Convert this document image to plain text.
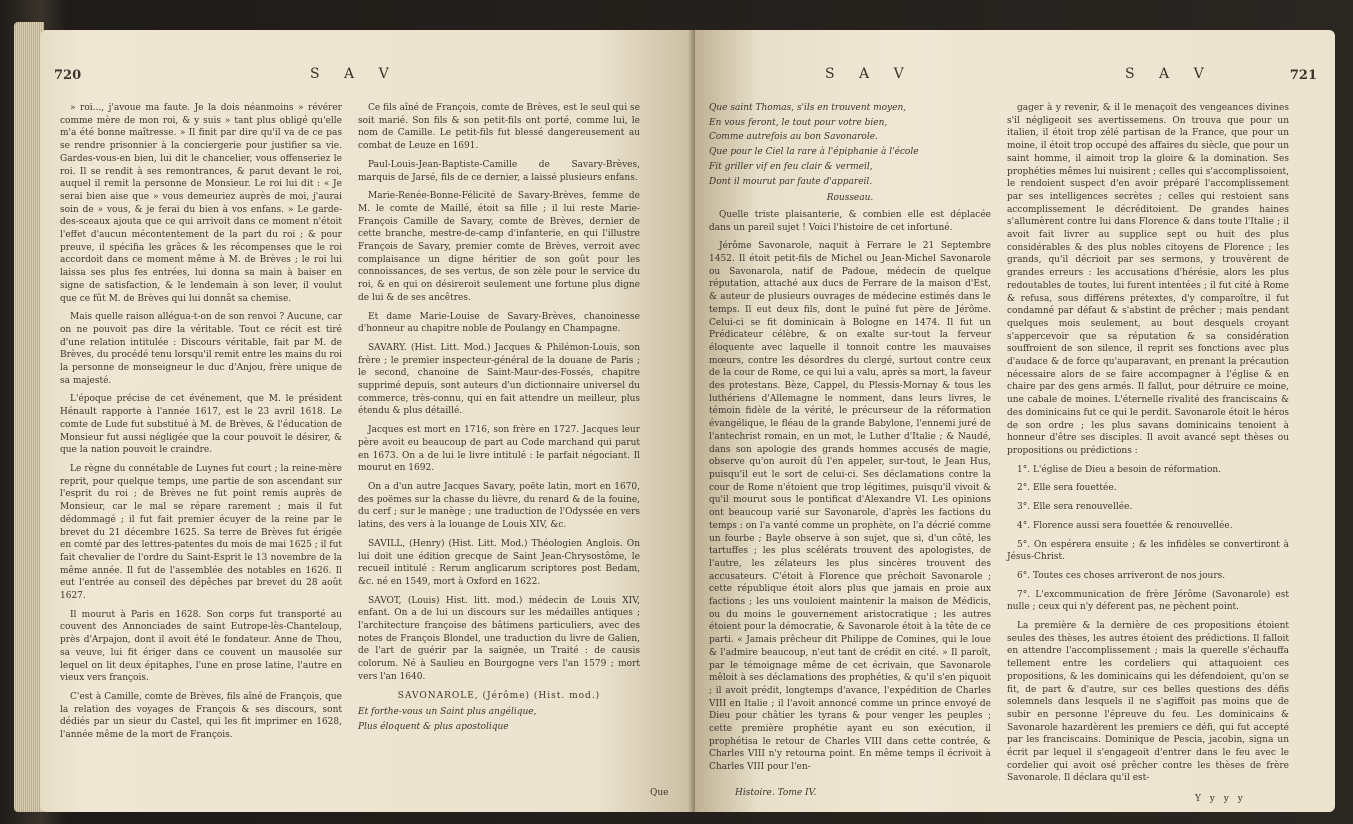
720	S A V

» roi..., j'avoue ma faute. Je la dois néanmoins » révérer comme mère de mon roi, & y suis » tant plus obligé qu'elle m'a été bonne maîtresse. » Il finit par dire qu'il va de ce pas se rendre prisonnier à la conciergerie pour justifier sa vie. Gardes-vous-en bien, lui dit le chancelier, vous offenseriez le roi. Il se rendit à ses remontrances, & parut devant le roi, auquel il remit la personne de Monsieur. Le roi lui dit : « Je serai bien aise que » vous demeuriez auprès de moi, j'aurai soin de » vous, & je ferai du bien à vos enfans. » Le garde-des-sceaux ajouta que ce qui arrivoit dans ce moment n'étoit l'effet d'aucun mécontentement de la part du roi ; & pour preuve, il spécifia les grâces & les récompenses que le roi accordoit dans ce moment même à M. de Brèves ; le roi lui laissa ses plus fes entrées, lui donna sa main à baiser en signe de satisfaction, & le lendemain à son lever, il voulut que ce fût M. de Brèves qui lui donnât sa chemise.

Mais quelle raison allégua-t-on de son renvoi ? Aucune, car on ne pouvoit pas dire la véritable. Tout ce récit est tiré d'une relation intitulée : Discours véritable, fait par M. de Brèves, du procédé tenu lorsqu'il remit entre les mains du roi la personne de monseigneur le duc d'Anjou, frère unique de sa majesté.

L'époque précise de cet événement, que M. le président Hénault rapporte à l'année 1617, est le 23 avril 1618. Le comte de Lude fut substitué à M. de Brèves, & l'éducation de Monsieur fut aussi négligée que la cour pouvoit le désirer, & que la nation pouvoit le craindre.

Le règne du connétable de Luynes fut court ; la reine-mère reprit, pour quelque temps, une partie de son ascendant sur l'esprit du roi ; de Brèves ne fut point remis auprès de Monsieur, car le mal se répare rarement ; mais il fut dédommagé ; il fut fait premier écuyer de la reine par le brevet du 21 décembre 1625. Sa terre de Brèves fut érigée en comté par des lettres-patentes du mois de mai 1625 ; il fut fait chevalier de l'ordre du Saint-Esprit le 13 novembre de la même année. Il fut de l'assemblée des notables en 1626. Il eut l'entrée au conseil des dépêches par brevet du 28 août 1627.

Il mourut à Paris en 1628. Son corps fut transporté au couvent des Annonciades de saint Eutrope-lès-Chanteloup, près d'Arpajon, dont il avoit été le fondateur. Anne de Thou, sa veuve, lui fit ériger dans ce couvent un mausolée sur lequel on lit deux épitaphes, l'une en prose latine, l'autre en vieux vers françois.

C'est à Camille, comte de Brèves, fils aîné de François, que la relation des voyages de François & ses discours, sont dédiés par un sieur du Castel, qui les fit imprimer en 1628, l'année même de la mort de François.

Ce fils aîné de François, comte de Brèves, est le seul qui se soit marié. Son fils & son petit-fils ont porté, comme lui, le nom de Camille. Le petit-fils fut blessé dangereusement au combat de Leuze en 1691.

Paul-Louis-Jean-Baptiste-Camille de Savary-Brèves, marquis de Jarsé, fils de ce dernier, a laissé plusieurs enfans.

Marie-Renée-Bonne-Félicité de Savary-Brèves, femme de M. le comte de Maillé, étoit sa fille ; il lui reste Marie-François Camille de Savary, comte de Brèves, dernier de cette branche, mestre-de-camp d'infanterie, en qui l'illustre François de Savary, premier comte de Brèves, verroit avec complaisance un digne héritier de son goût pour les connoissances, de ses vertus, de son zèle pour le service du roi, & en qui on désireroit seulement une fortune plus digne de lui & de ses ancêtres.

Et dame Marie-Louise de Savary-Brèves, chanoinesse d'honneur au chapitre noble de Poulangy en Champagne.

SAVARY. (Hist. Litt. Mod.) Jacques & Philémon-Louis, son frère ; le premier inspecteur-général de la douane de Paris ; le second, chanoine de Saint-Maur-des-Fossés, chapitre supprimé depuis, sont auteurs d'un dictionnaire universel du commerce, très-connu, qui en fait attendre un meilleur, plus étendu & plus détaillé.

Jacques est mort en 1716, son frère en 1727. Jacques leur père avoit eu beaucoup de part au Code marchand qui parut en 1673. On a de lui le livre intitulé : le parfait négociant. Il mourut en 1692.

On a d'un autre Jacques Savary, poëte latin, mort en 1670, des poëmes sur la chasse du lièvre, du renard & de la fouine, du cerf ; sur le manège ; une traduction de l'Odyssée en vers latins, des vers à la louange de Louis XIV, &c.

SAVILL, (Henry) (Hist. Litt. Mod.) Théologien Anglois. On lui doit une édition grecque de Saint Jean-Chrysostôme, le recueil intitulé : Rerum anglicarum scriptores post Bedam, &c. né en 1549, mort à Oxford en 1622.

SAVOT, (Louis) Hist. litt. mod.) médecin de Louis XIV, enfant. On a de lui un discours sur les médailles antiques ; l'architecture françoise des bâtimens particuliers, avec des notes de François Blondel, une traduction du livre de Galien, de l'art de guérir par la saignée, un Traité : de causis colorum. Né à Saulieu en Bourgogne vers l'an 1579 ; mort vers l'an 1640.

SAVONAROLE, (Jérôme) (Hist. mod.)

Et forthe-vous un Saint plus angélique,

Plus éloquent & plus apostolique

Que
S A V	S A V	721

Que saint Thomas, s'ils en trouvent moyen,

En vous feront, le tout pour votre bien,

Comme autrefois au bon Savonarole.

Que pour le Ciel la rare à l'épiphanie à l'école

Fit griller vif en feu clair & vermeil,

Dont il mourut par faute d'appareil.

Rousseau.

Quelle triste plaisanterie, & combien elle est déplacée dans un pareil sujet ! Voici l'histoire de cet infortuné.

Jérôme Savonarole, naquit à Ferrare le 21 Septembre 1452. Il étoit petit-fils de Michel ou Jean-Michel Savonarole ou Savonarola, natif de Padoue, médecin de quelque réputation, attaché aux ducs de Ferrare de la maison d'Est, & auteur de plusieurs ouvrages de médecine estimés dans le temps. Il eut deux fils, dont le puîné fut père de Jérôme. Celui-ci se fit dominicain à Bologne en 1474. Il fut un Prédicateur célèbre, & on exalte sur-tout la ferveur éloquente avec laquelle il tonnoit contre les mauvaises mœurs, contre les désordres du clergé, surtout contre ceux de la cour de Rome, ce qui lui a valu, après sa mort, la faveur des protestans. Bèze, Cappel, du Plessis-Mornay & tous les luthériens d'Allemagne le nomment, dans leurs livres, le témoin fidèle de la vérité, le précurseur de la réformation évangélique, le fléau de la grande Babylone, l'ennemi juré de l'antechrist romain, en un mot, le Luther d'Italie ; & Naudé, dans son apologie des grands hommes accusés de magie, observe qu'on auroit dû l'en appeler, sur-tout, le Jean Hus, puisqu'il eut le sort de celui-ci. Ses déclamations contre la cour de Rome n'étoient que trop légitimes, puisqu'il vivoit & qu'il mourut sous le pontificat d'Alexandre VI. Les opinions ont beaucoup varié sur Savonarole, d'après les factions du temps : on l'a vanté comme un prophète, on l'a décrié comme un fourbe ; Bayle observe à son sujet, que si, d'un côté, les tartuffes ; les plus scélérats trouvent des apologistes, de l'autre, les zélateurs les plus sincères trouvent des accusateurs. C'étoit à Florence que prêchoit Savonarole ; cette république étoit alors plus que jamais en proie aux factions ; les uns vouloient maintenir la maison de Médicis, ou du moins le gouvernement aristocratique ; les autres étoient pour la démocratie, & Savonarole étoit à la tête de ce parti. « Jamais prêcheur dit Philippe de Comines, qui le loue & l'admire beaucoup, n'eut tant de crédit en cité. » Il paroît, par le témoignage même de cet écrivain, que Savonarole mêloit à ses déclamations des prophéties, & qu'il s'en piquoit ; il avoit prédit, longtemps d'avance, l'expédition de Charles VIII en Italie ; il l'avoit annoncé comme un prince envoyé de Dieu pour châtier les tyrans & pour venger les peuples ; cette première prophétie ayant eu son exécution, il prophétisa le retour de Charles VIII dans cette contrée, & Charles VIII n'y retourna point. En même temps il écrivoit à Charles VIII pour l'en-

Histoire. Tome IV.

gager à y revenir, & il le menaçoit des vengeances divines s'il négligeoit ses avertissemens. On trouva que pour un italien, il étoit trop zélé partisan de la France, que pour un moine, il étoit trop occupé des affaires du siècle, que pour un saint homme, il aimoit trop la gloire & la domination. Ses prophéties mêmes lui nuisirent ; celles qui s'accomplissoient, le rendoient suspect d'en avoir préparé l'accomplissement par ses intelligences secrètes ; celles qui restoient sans accomplissement le décréditoient. De grandes haines s'allumèrent contre lui dans Florence & dans toute l'Italie ; il avoit fait livrer au supplice sept ou huit des plus considérables & des plus nobles citoyens de Florence ; les grands, qu'il décrioit par ses sermons, y trouvèrent de grandes erreurs : les accusations d'hérésie, alors les plus redoutables de toutes, lui furent intentées ; il fut cité à Rome & refusa, sous différens prétextes, d'y comparoître, il fut condamné par défaut & s'abstint de prêcher ; mais pendant quelques mois seulement, au bout desquels croyant s'appercevoir que sa réputation & sa considération souffroient de son silence, il reprit ses fonctions avec plus d'audace & de force qu'auparavant, en prenant la précaution nécessaire alors de se faire accompagner à l'église & en chaire par des gens armés. Il fallut, pour détruire ce moine, une cabale de moines. L'éternelle rivalité des franciscains & des dominicains fut ce qui le perdit. Savonarole étoit le héros de son ordre ; les plus savans dominicains tenoient à honneur d'être ses disciples. Il avoit avancé sept thèses ou propositions ou prédictions :

1°. L'église de Dieu a besoin de réformation.

2°. Elle sera fouettée.

3°. Elle sera renouvellée.

4°. Florence aussi sera fouettée & renouvellée.

5°. On espérera ensuite ; & les infidèles se convertiront à Jésus-Christ.

6°. Toutes ces choses arriveront de nos jours.

7°. L'excommunication de frère Jérôme (Savonarole) est nulle ; ceux qui n'y déferent pas, ne pèchent point.

La première & la dernière de ces propositions étoient seules des thèses, les autres étoient des prédictions. Il falloit en attendre l'accomplissement ; mais la querelle s'échauffa tellement entre les cordeliers qui attaquoient ces propositions, & les dominicains qui les défendoient, qu'on se fit, de part & d'autre, sur ces belles questions des défis solemnels dans lesquels il ne s'agiffoit pas moins que de subir en personne l'épreuve du feu. Les dominicains & Savonarole hazardèrent les premiers ce défi, qui fut accepté par les franciscains. Dominique de Pescia, jacobin, signa un écrit par lequel il s'engageoit d'entrer dans le feu avec le cordelier qui avoit osé prêcher contre les thèses de frère Savonarole. Il déclara qu'il est-

Y y y y
